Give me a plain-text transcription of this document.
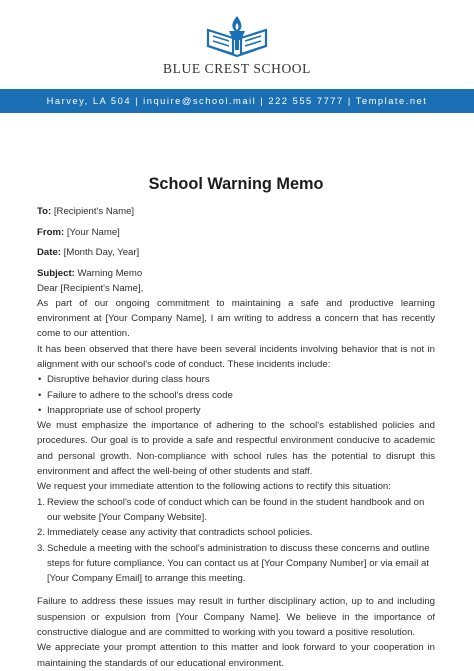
BLUE CREST SCHOOL
Harvey, LA 504 | inquire@school.mail | 222 555 7777 | Template.net
School Warning Memo
To: [Recipient's Name]
From: [Your Name]
Date: [Month Day, Year]
Subject: Warning Memo

Dear [Recipient's Name],

As part of our ongoing commitment to maintaining a safe and productive learning environment at [Your Company Name], I am writing to address a concern that has recently come to our attention.

It has been observed that there have been several incidents involving behavior that is not in alignment with our school's code of conduct. These incidents include:

• Disruptive behavior during class hours
• Failure to adhere to the school's dress code
• Inappropriate use of school property

We must emphasize the importance of adhering to the school's established policies and procedures. Our goal is to provide a safe and respectful environment conducive to academic and personal growth. Non-compliance with school rules has the potential to disrupt this environment and affect the well-being of other students and staff.

We request your immediate attention to the following actions to rectify this situation:

1. Review the school's code of conduct which can be found in the student handbook and on our website [Your Company Website].
2. Immediately cease any activity that contradicts school policies.
3. Schedule a meeting with the school's administration to discuss these concerns and outline steps for future compliance. You can contact us at [Your Company Number] or via email at [Your Company Email] to arrange this meeting.

Failure to address these issues may result in further disciplinary action, up to and including suspension or expulsion from [Your Company Name]. We believe in the importance of constructive dialogue and are committed to working with you toward a positive resolution.

We appreciate your prompt attention to this matter and look forward to your cooperation in maintaining the standards of our educational environment.
